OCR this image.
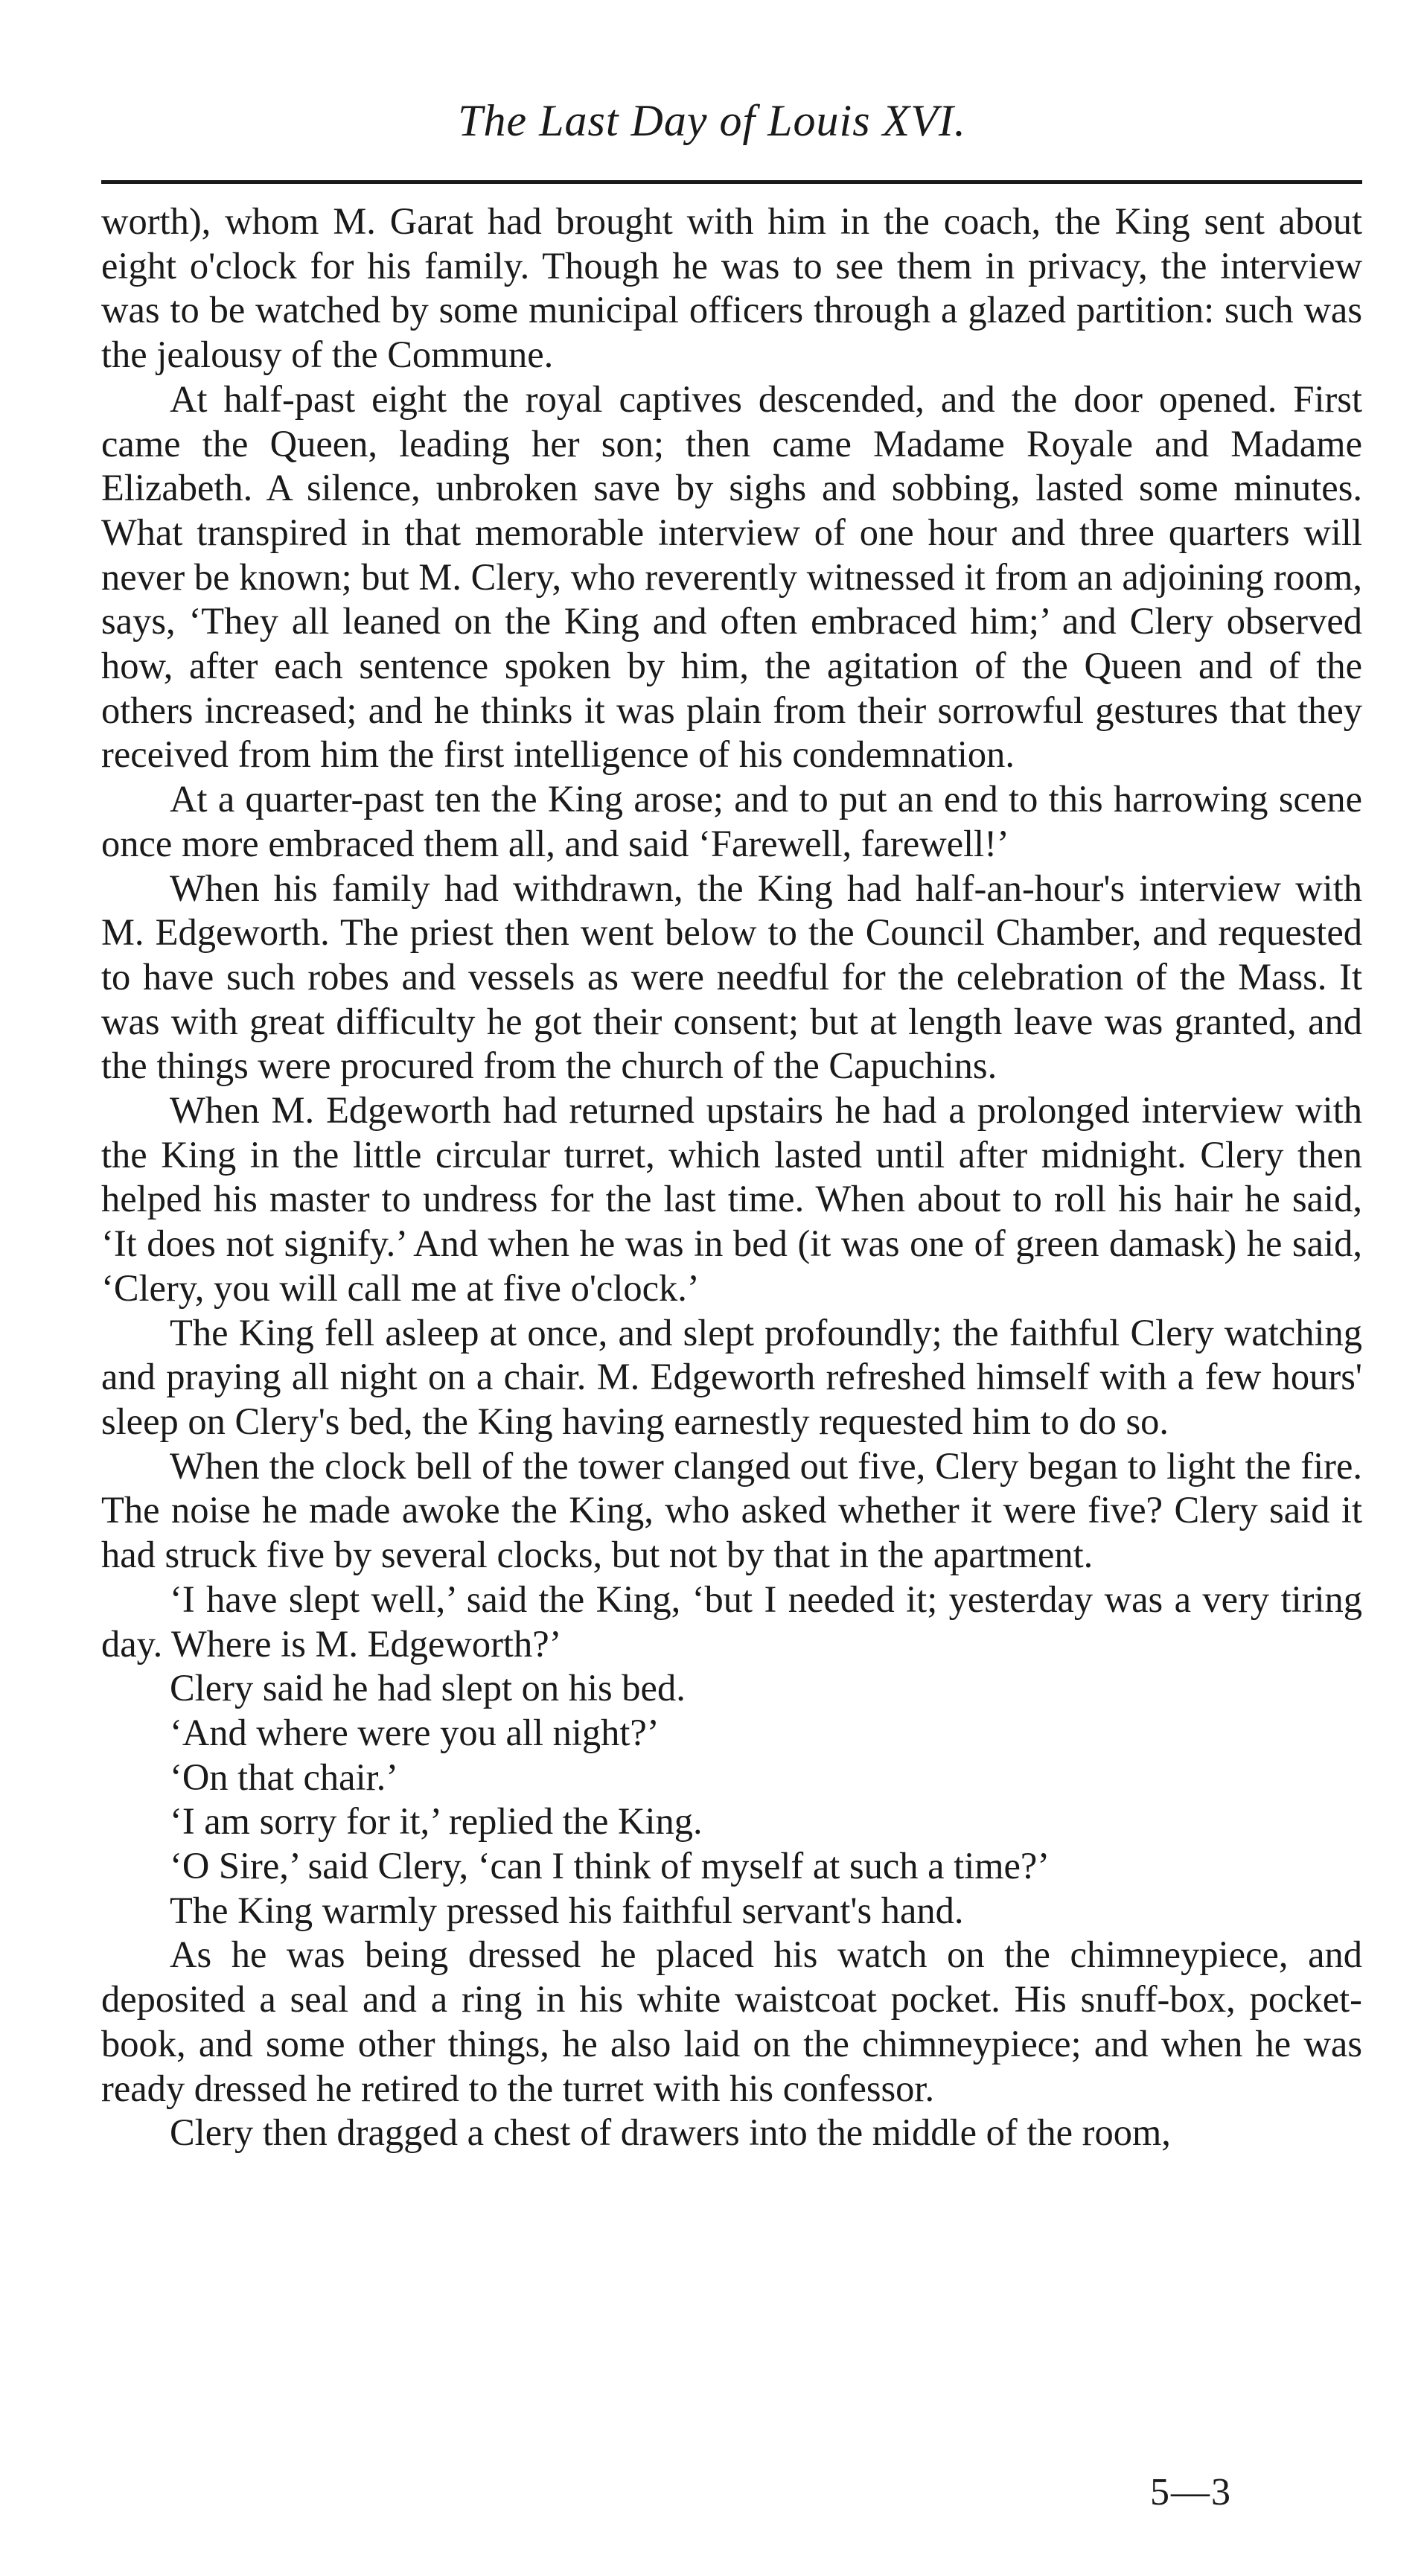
The Last Day of Louis XVI.

worth), whom M. Garat had brought with him in the coach, the King sent about eight o'clock for his family. Though he was to see them in privacy, the interview was to be watched by some municipal officers through a glazed partition: such was the jealousy of the Commune.

At half-past eight the royal captives descended, and the door opened. First came the Queen, leading her son; then came Madame Royale and Madame Elizabeth. A silence, unbroken save by sighs and sobbing, lasted some minutes. What transpired in that memorable interview of one hour and three quarters will never be known; but M. Clery, who reverently witnessed it from an adjoining room, says, ‘They all leaned on the King and often embraced him;’ and Clery observed how, after each sentence spoken by him, the agitation of the Queen and of the others increased; and he thinks it was plain from their sorrowful gestures that they received from him the first intelligence of his condemnation.

At a quarter-past ten the King arose; and to put an end to this harrowing scene once more embraced them all, and said ‘Farewell, farewell!’

When his family had withdrawn, the King had half-an-hour's interview with M. Edgeworth. The priest then went below to the Council Chamber, and requested to have such robes and vessels as were needful for the celebration of the Mass. It was with great difficulty he got their consent; but at length leave was granted, and the things were procured from the church of the Capuchins.

When M. Edgeworth had returned upstairs he had a prolonged interview with the King in the little circular turret, which lasted until after midnight. Clery then helped his master to undress for the last time. When about to roll his hair he said, ‘It does not signify.’ And when he was in bed (it was one of green damask) he said, ‘Clery, you will call me at five o'clock.’

The King fell asleep at once, and slept profoundly; the faithful Clery watching and praying all night on a chair. M. Edgeworth refreshed himself with a few hours' sleep on Clery's bed, the King having earnestly requested him to do so.

When the clock bell of the tower clanged out five, Clery began to light the fire. The noise he made awoke the King, who asked whether it were five? Clery said it had struck five by several clocks, but not by that in the apartment.

‘I have slept well,’ said the King, ‘but I needed it; yesterday was a very tiring day. Where is M. Edgeworth?’

Clery said he had slept on his bed.

‘And where were you all night?’

‘On that chair.’

‘I am sorry for it,’ replied the King.

‘O Sire,’ said Clery, ‘can I think of myself at such a time?’

The King warmly pressed his faithful servant's hand.

As he was being dressed he placed his watch on the chimneypiece, and deposited a seal and a ring in his white waistcoat pocket. His snuff-box, pocket-book, and some other things, he also laid on the chimneypiece; and when he was ready dressed he retired to the turret with his confessor.

Clery then dragged a chest of drawers into the middle of the room,

5—3
